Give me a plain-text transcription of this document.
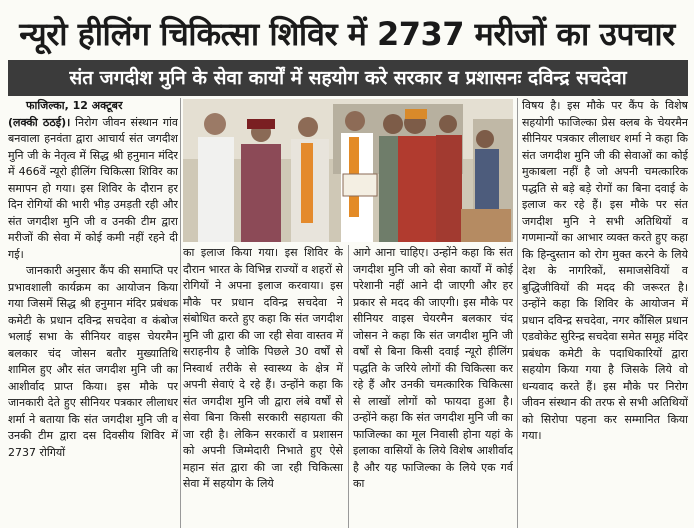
न्यूरो हीलिंग चिकित्सा शिविर में 2737 मरीजों का उपचार
संत जगदीश मुनि के सेवा कार्यों में सहयोग करे सरकार व प्रशासनः दविन्द्र सचदेवा

फाजिल्का, 12 अक्टूबर
(लक्की ठठई)। निरोग जीवन संस्थान गांव बनवाला हनवंता द्वारा आचार्य संत जगदीश मुनि जी के नेतृत्व में सिद्ध श्री हनुमान मंदिर में 466वें न्यूरो हीलिंग चिकित्सा शिविर का समापन हो गया। इस शिविर के दौरान हर दिन रोगियों की भारी भीड़ उमड़ती रही और संत जगदीश मुनि जी व उनकी टीम द्वारा मरीजों की सेवा में कोई कमी नहीं रहने दी गई।

जानकारी अनुसार कैंप की समाप्ति पर प्रभावशाली कार्यक्रम का आयोजन किया गया जिसमें सिद्ध श्री हनुमान मंदिर प्रबंधक कमेटी के प्रधान दविन्द्र सचदेवा व कंबोज भलाई सभा के सीनियर वाइस चेयरमैन बलकार चंद जोसन बतौर मुख्यातिथि शामिल हुए और संत जगदीश मुनि जी का आशीर्वाद प्राप्त किया। इस मौके पर जानकारी देते हुए सीनियर पत्रकार लीलाधर शर्मा ने बताया कि संत जगदीश मुनि जी व उनकी टीम द्वारा दस दिवसीय शिविर में 2737 रोगियों

का इलाज किया गया। इस शिविर के दौरान भारत के विभिन्न राज्यों व शहरों से रोगियों ने अपना इलाज करवाया। इस मौके पर प्रधान दविन्द्र सचदेवा ने संबोधित करते हुए कहा कि संत जगदीश मुनि जी द्वारा की जा रही सेवा वास्तव में सराहनीय है जोकि पिछले 30 वर्षों से निस्वार्थ तरीके से स्वास्थ्य के क्षेत्र में अपनी सेवाएं दे रहे हैं। उन्होंने कहा कि संत जगदीश मुनि जी द्वारा लंबे वर्षों से सेवा बिना किसी सरकारी सहायता की जा रही है। लेकिन सरकारों व प्रशासन को अपनी जिम्मेदारी निभाते हुए ऐसे महान संत द्वारा की जा रही चिकित्सा सेवा में सहयोग के लिये

आगे आना चाहिए। उन्होंने कहा कि संत जगदीश मुनि जी को सेवा कार्यों में कोई परेशानी नहीं आने दी जाएगी और हर प्रकार से मदद की जाएगी। इस मौके पर सीनियर वाइस चेयरमैन बलकार चंद जोसन ने कहा कि संत जगदीश मुनि जी वर्षों से बिना किसी दवाई न्यूरो हीलिंग पद्धति के जरिये लोगों की चिकित्सा कर रहे हैं और उनकी चमत्कारिक चिकित्सा से लाखों लोगों को फायदा हुआ है। उन्होंने कहा कि संत जगदीश मुनि जी का फाजिल्का का मूल निवासी होना यहां के इलाका वासियों के लिये विशेष आशीर्वाद है और यह फाजिल्का के लिये एक गर्व का

विषय है। इस मौके पर कैंप के विशेष सहयोगी फाजिल्का प्रेस क्लब के चेयरमैन सीनियर पत्रकार लीलाधर शर्मा ने कहा कि संत जगदीश मुनि जी की सेवाओं का कोई मुकाबला नहीं है जो अपनी चमत्कारिक पद्धति से बड़े बड़े रोगों का बिना दवाई के इलाज कर रहे हैं। इस मौके पर संत जगदीश मुनि ने सभी अतिथियों व गणमान्यों का आभार व्यक्त करते हुए कहा कि हिन्दुस्तान को रोग मुक्त करने के लिये देश के नागरिकों, समाजसेवियों व बुद्धिजीवियों की मदद की जरूरत है। उन्होंने कहा कि शिविर के आयोजन में प्रधान दविन्द्र सचदेवा, नगर कौंसिल प्रधान एडवोकेट सुरिन्द्र सचदेवा समेत समूह मंदिर प्रबंधक कमेटी के पदाधिकारियों द्वारा सहयोग किया गया है जिसके लिये वो धन्यवाद करते हैं। इस मौके पर निरोग जीवन संस्थान की तरफ से सभी अतिथियों को सिरोपा पहना कर सम्मानित किया गया।
